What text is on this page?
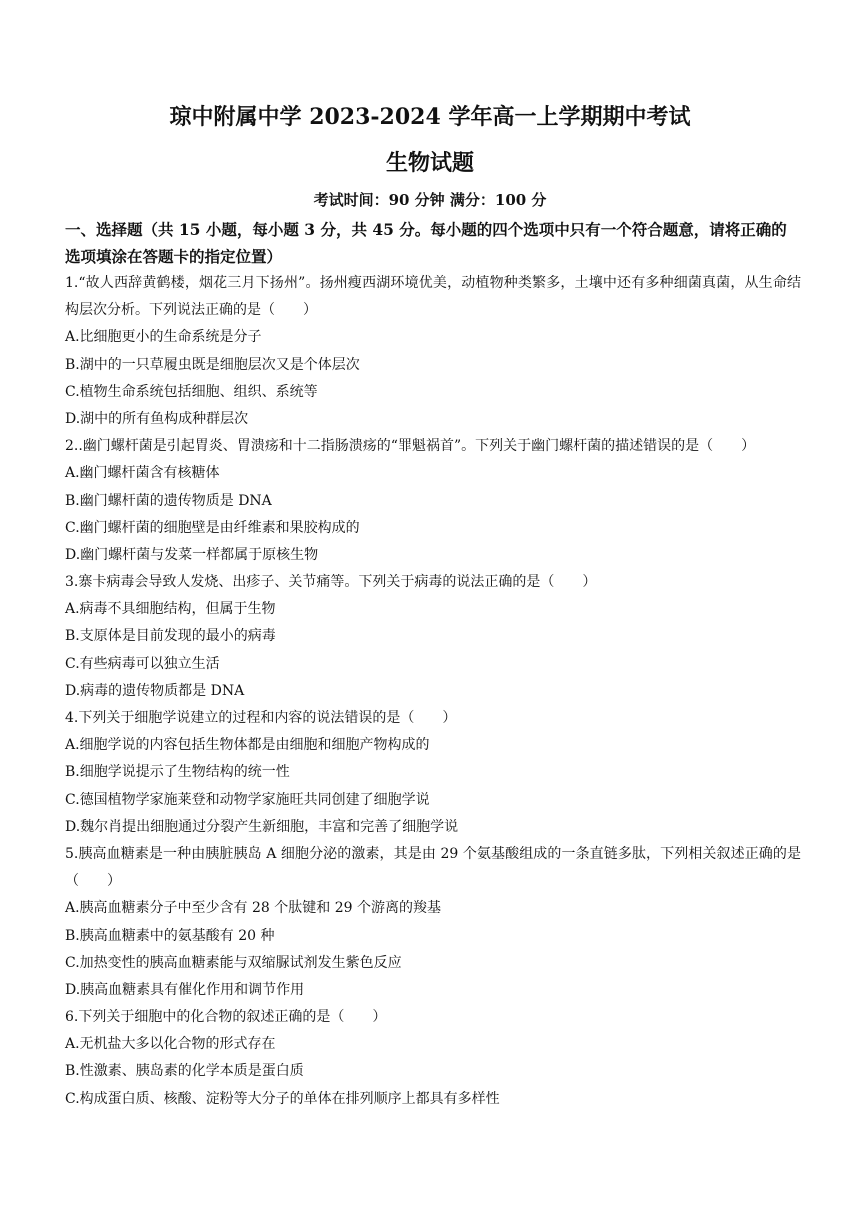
琼中附属中学 2023-2024 学年高一上学期期中考试
生物试题
考试时间：90 分钟 满分：100 分
一、选择题（共 15 小题，每小题 3 分，共 45 分。每小题的四个选项中只有一个符合题意，请将正确的选项填涂在答题卡的指定位置）
1.“故人西辞黄鹤楼，烟花三月下扬州”。扬州瘦西湖环境优美，动植物种类繁多，土壤中还有多种细菌真菌，从生命结构层次分析。下列说法正确的是（　　）
A.比细胞更小的生命系统是分子
B.湖中的一只草履虫既是细胞层次又是个体层次
C.植物生命系统包括细胞、组织、系统等
D.湖中的所有鱼构成种群层次
2..幽门螺杆菌是引起胃炎、胃溃疡和十二指肠溃疡的“罪魁祸首”。下列关于幽门螺杆菌的描述错误的是（　　）
A.幽门螺杆菌含有核糖体
B.幽门螺杆菌的遗传物质是 DNA
C.幽门螺杆菌的细胞壁是由纤维素和果胶构成的
D.幽门螺杆菌与发菜一样都属于原核生物
3.寨卡病毒会导致人发烧、出疹子、关节痛等。下列关于病毒的说法正确的是（　　）
A.病毒不具细胞结构，但属于生物
B.支原体是目前发现的最小的病毒
C.有些病毒可以独立生活
D.病毒的遗传物质都是 DNA
4.下列关于细胞学说建立的过程和内容的说法错误的是（　　）
A.细胞学说的内容包括生物体都是由细胞和细胞产物构成的
B.细胞学说提示了生物结构的统一性
C.德国植物学家施莱登和动物学家施旺共同创建了细胞学说
D.魏尔肖提出细胞通过分裂产生新细胞，丰富和完善了细胞学说
5.胰高血糖素是一种由胰脏胰岛 A 细胞分泌的激素，其是由 29 个氨基酸组成的一条直链多肽，下列相关叙述正确的是（　　）
A.胰高血糖素分子中至少含有 28 个肽键和 29 个游离的羧基
B.胰高血糖素中的氨基酸有 20 种
C.加热变性的胰高血糖素能与双缩脲试剂发生紫色反应
D.胰高血糖素具有催化作用和调节作用
6.下列关于细胞中的化合物的叙述正确的是（　　）
A.无机盐大多以化合物的形式存在
B.性激素、胰岛素的化学本质是蛋白质
C.构成蛋白质、核酸、淀粉等大分子的单体在排列顺序上都具有多样性
